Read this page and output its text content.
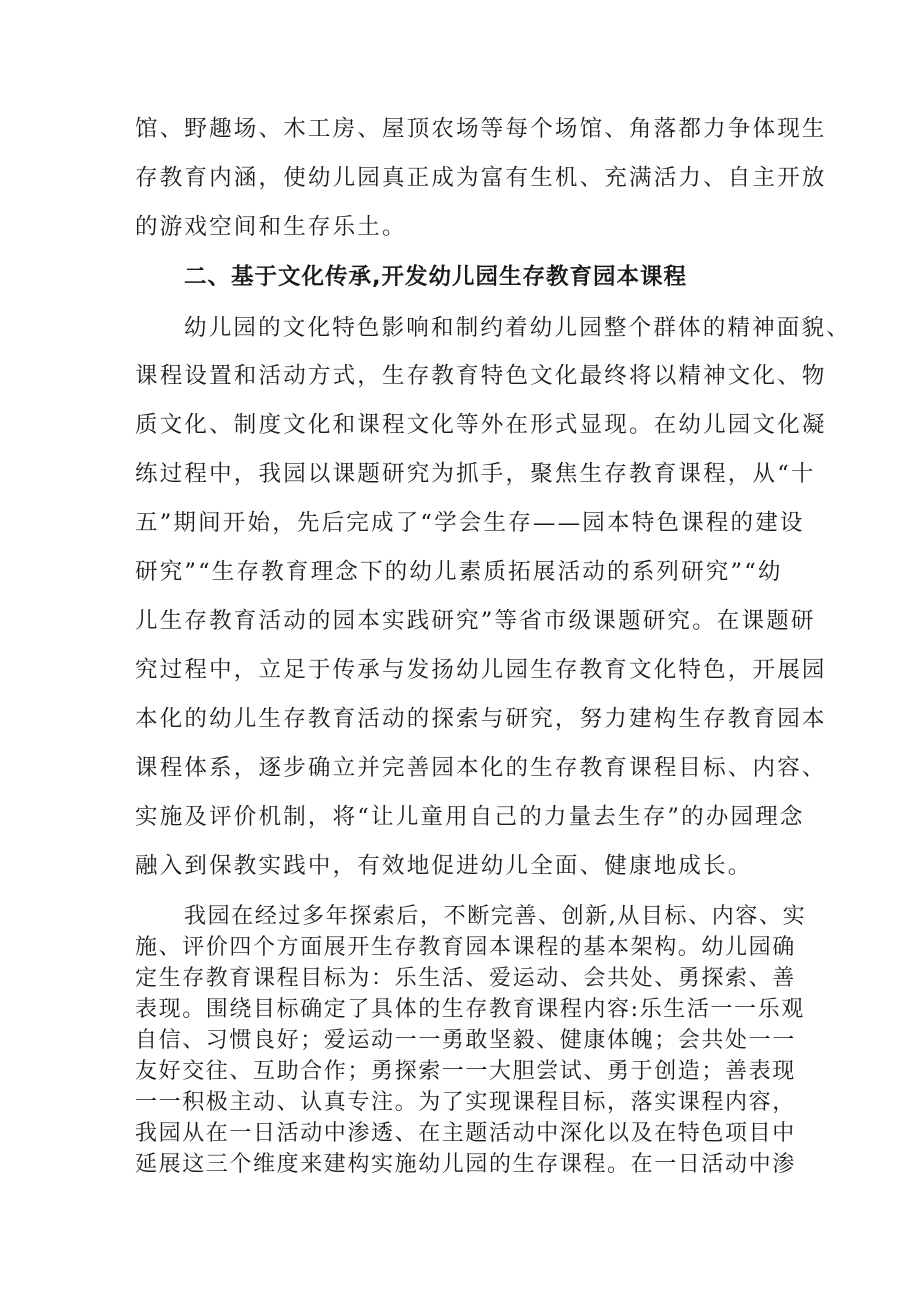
馆、野趣场、木工房、屋顶农场等每个场馆、角落都力争体现生
存教育内涵，使幼儿园真正成为富有生机、充满活力、自主开放
的游戏空间和生存乐土。
二、基于文化传承,开发幼儿园生存教育园本课程
幼儿园的文化特色影响和制约着幼儿园整个群体的精神面貌、
课程设置和活动方式，生存教育特色文化最终将以精神文化、物
质文化、制度文化和课程文化等外在形式显现。在幼儿园文化凝
练过程中，我园以课题研究为抓手，聚焦生存教育课程，从“十
五”期间开始，先后完成了“学会生存——园本特色课程的建设
研究”“生存教育理念下的幼儿素质拓展活动的系列研究”“幼
儿生存教育活动的园本实践研究”等省市级课题研究。在课题研
究过程中，立足于传承与发扬幼儿园生存教育文化特色，开展园
本化的幼儿生存教育活动的探索与研究，努力建构生存教育园本
课程体系，逐步确立并完善园本化的生存教育课程目标、内容、
实施及评价机制，将“让儿童用自己的力量去生存”的办园理念
融入到保教实践中，有效地促进幼儿全面、健康地成长。
我园在经过多年探索后，不断完善、创新,从目标、内容、实
施、评价四个方面展开生存教育园本课程的基本架构。幼儿园确
定生存教育课程目标为：乐生活、爱运动、会共处、勇探索、善
表现。围绕目标确定了具体的生存教育课程内容:乐生活一一乐观
自信、习惯良好；爱运动一一勇敢坚毅、健康体魄；会共处一一
友好交往、互助合作；勇探索一一大胆尝试、勇于创造；善表现
一一积极主动、认真专注。为了实现课程目标，落实课程内容，
我园从在一日活动中渗透、在主题活动中深化以及在特色项目中
延展这三个维度来建构实施幼儿园的生存课程。在一日活动中渗
